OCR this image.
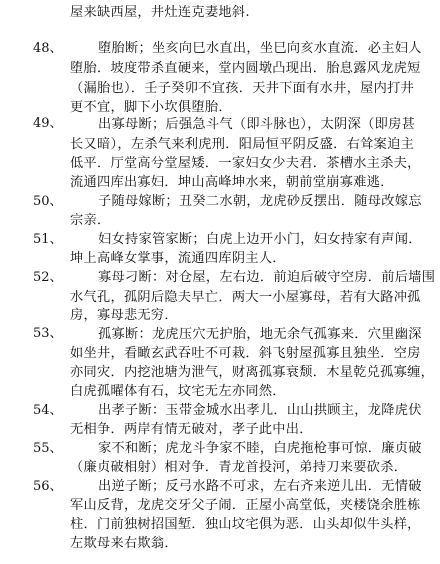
屋来缺西屋，井灶连克妻地斜.
48、	堕胎断；坐亥向巳水直出，坐巳向亥水直流．必主妇人
堕胎．坡度带杀直硬来，堂内圆墩凸现出．胎息露风龙虎短
（漏胎也）．壬子癸卯不宜孩．天井下面有水井，屋内打井
更不宜，脚下小坎俱堕胎．
49、	出寡母断；后强急斗气（即斗脉也），太阴深（即房甚
长又暗），左杀气来利虎刑．阳局恒平阴反盛．右耸案迫主
低平．厅堂高兮堂屋矮．一家妇女少夫君．茶槽水主杀夫，
流通四库出寡妇．坤山高峰坤水来，朝前堂崩寡难逃．
50、	子随母嫁断；丑癸二水朝，龙虎砂反摆出．随母改嫁忘
宗亲．
51、	妇女持家管家断；白虎上边开小门，妇女持家有声闻．
坤上高峰女掌事，流通四库阴主人．
52、	寡母刁断：对仓屋，左右边．前迫后破守空房．前后墙围
水气孔，孤阴后隐夫早亡．两大一小屋寡母，若有大路冲孤
房，寡母悲无穷．
53、	孤寡断：龙虎压穴无护胎，地无余气孤寡来．穴里幽深
如坐井，看瞰玄武吞吐不可栽．斜飞射屋孤寡且独坐．空房
亦同灾．内挖池塘为泄气，财离孤寡衰颓．木星乾兑孤寡缠，
白虎孤曜体有石，坟宅无左亦同然．
54、	出孝子断：玉带金城水出孝儿．山山拱顾主，龙降虎伏
无相争．两岸有情无破对，孝子此中出．
55、	家不和断；虎龙斗争家不睦，白虎拖枪事可惊．廉贞破
（廉贞破相射）相对争．青龙首投河，弟持刀来要砍杀．
56、	出逆子断；反弓水路不可求，左右齐来逆儿出．无情破
军山反背，龙虎交牙父子闹．正屋小高堂低，夹楼饶余胜栋
柱．门前独树招国堑．独山坟宅俱为恶．山头却似牛头样，
左欺母来右欺翁．
